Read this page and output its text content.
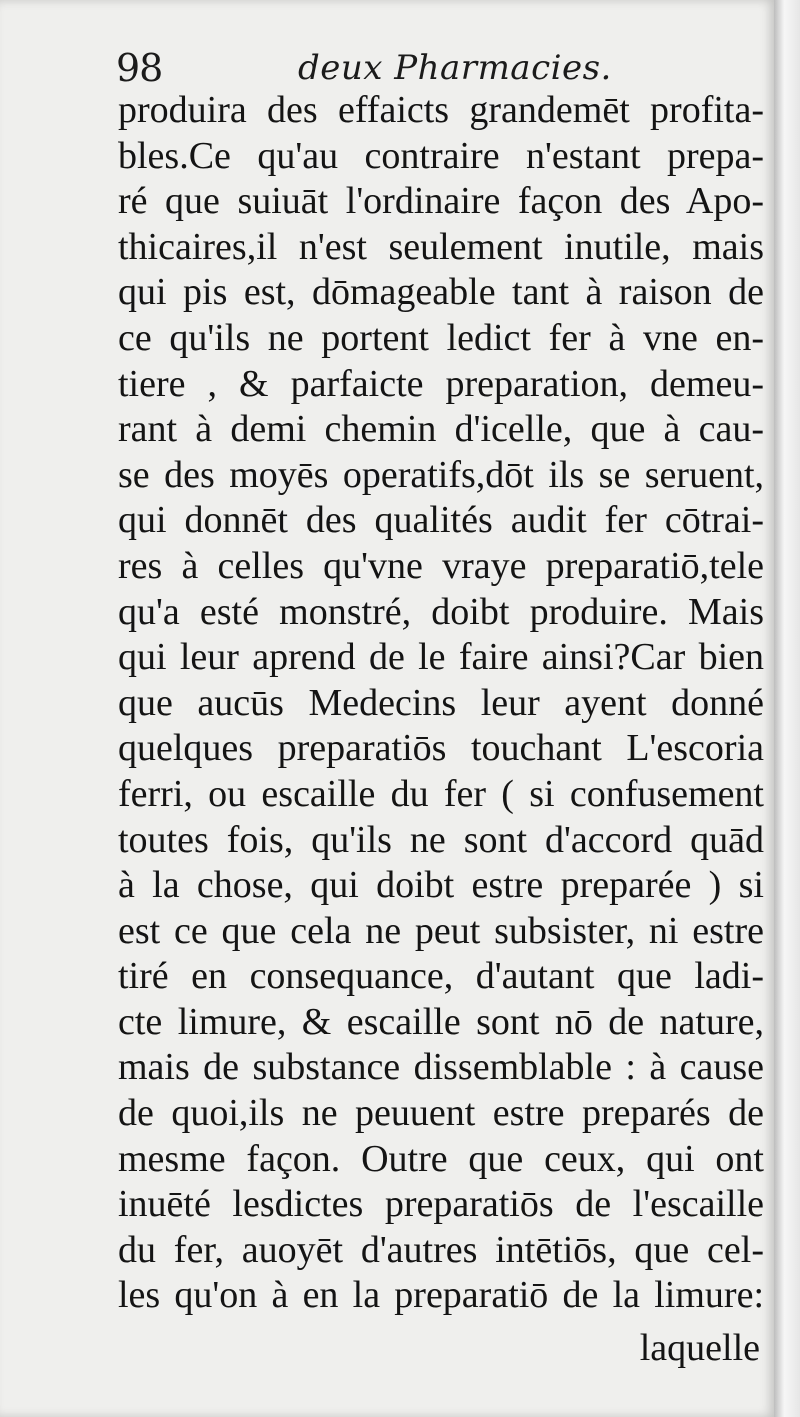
98	deux Pharmacies.
produira des effaicts grandemēt profita-
bles.Ce qu'au contraire n'estant prepa-
ré que suiuāt l'ordinaire façon des Apo-
thicaires,il n'est seulement inutile, mais
qui pis est, dōmageable tant à raison de
ce qu'ils ne portent ledict fer à vne en-
tiere , & parfaicte preparation, demeu-
rant à demi chemin d'icelle, que à cau-
se des moyēs operatifs,dōt ils se seruent,
qui donnēt des qualités audit fer cōtrai-
res à celles qu'vne vraye preparatiō,tele
qu'a esté monstré, doibt produire. Mais
qui leur aprend de le faire ainsi?Car bien
que aucūs Medecins leur ayent donné
quelques preparatiōs touchant L'escoria
ferri, ou escaille du fer ( si confusement
toutes fois, qu'ils ne sont d'accord quād
à la chose, qui doibt estre preparée ) si
est ce que cela ne peut subsister, ni estre
tiré en consequance, d'autant que ladi-
cte limure, & escaille sont nō de nature,
mais de substance dissemblable : à cause
de quoi,ils ne peuuent estre preparés de
mesme façon. Outre que ceux, qui ont
inuēté lesdictes preparatiōs de l'escaille
du fer, auoyēt d'autres intētiōs, que cel-
les qu'on à en la preparatiō de la limure:
laquelle
